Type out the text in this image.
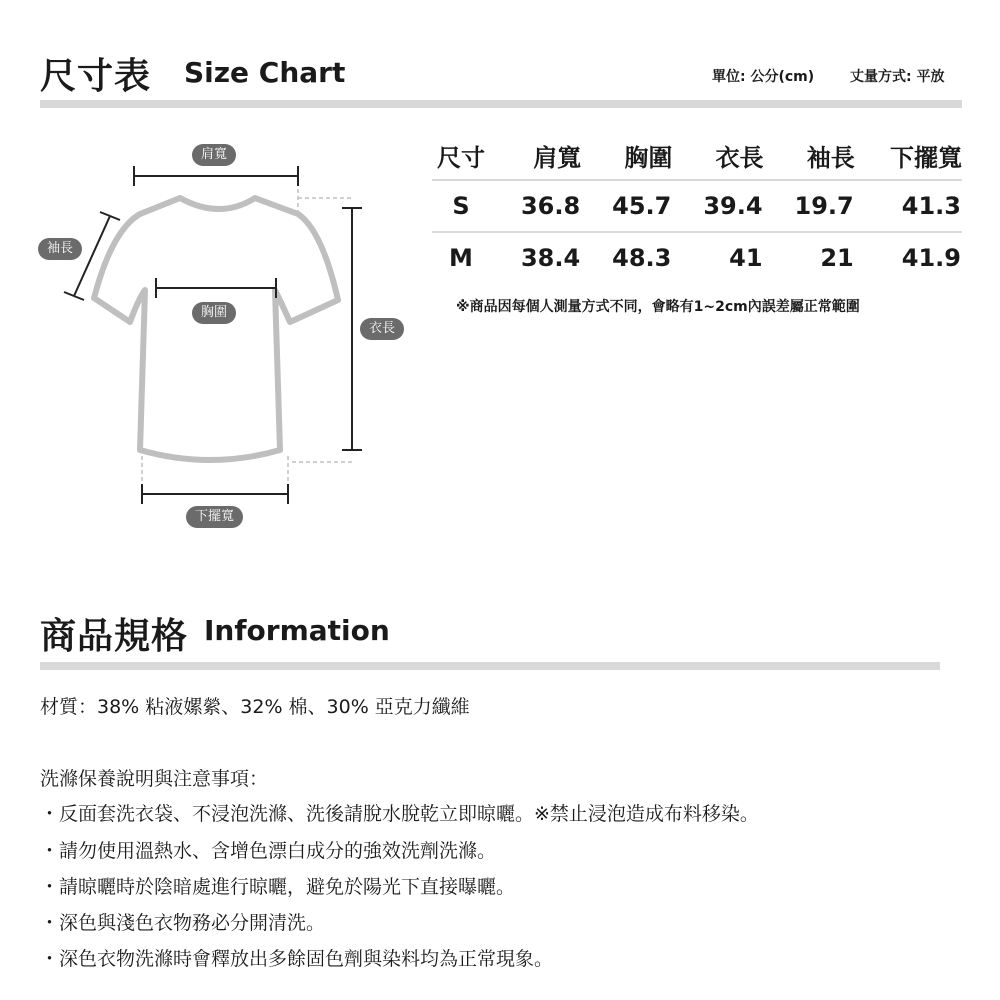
尺寸表 Size Chart	單位: 公分(cm)	丈量方式: 平放
肩寬
袖長
胸圍
衣長
下擺寬
尺寸	肩寬	胸圍	衣長	袖長	下擺寬
S	36.8	45.7	39.4	19.7	41.3
M	38.4	48.3	41	21	41.9
※商品因每個人測量方式不同，會略有1~2cm內誤差屬正常範圍
商品規格 Information
材質：38% 粘液嫘縈、32% 棉、30% 亞克力纖維
洗滌保養說明與注意事項：
・反面套洗衣袋、不浸泡洗滌、洗後請脫水脫乾立即晾曬。※禁止浸泡造成布料移染。
・請勿使用溫熱水、含增色漂白成分的強效洗劑洗滌。
・請晾曬時於陰暗處進行晾曬，避免於陽光下直接曝曬。
・深色與淺色衣物務必分開清洗。
・深色衣物洗滌時會釋放出多餘固色劑與染料均為正常現象。
